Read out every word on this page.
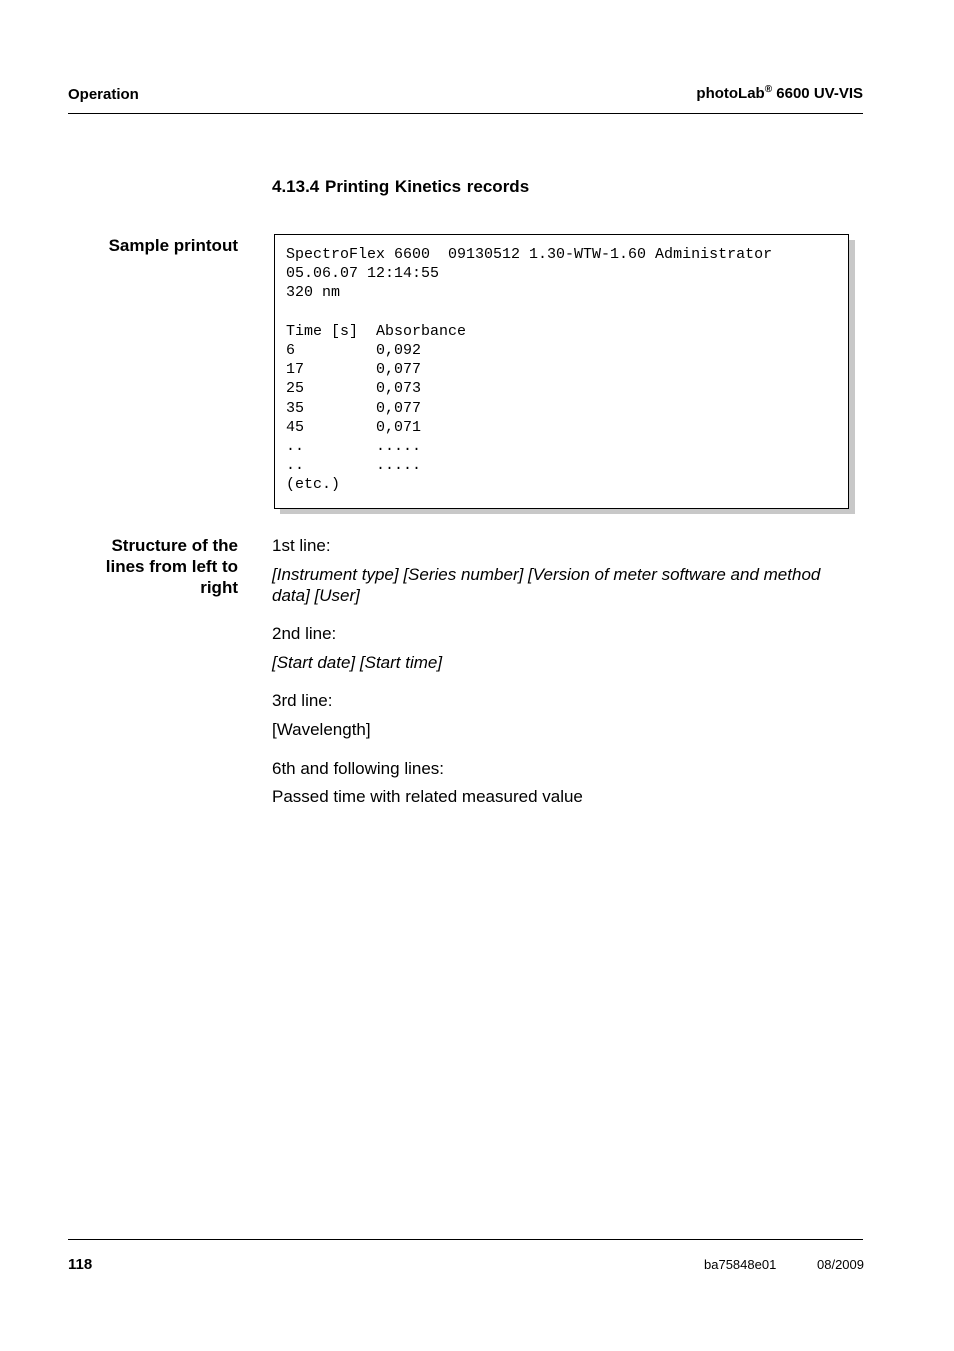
Operation	photoLab® 6600 UV-VIS
4.13.4 Printing Kinetics records
Sample printout	SpectroFlex 6600  09130512 1.30-WTW-1.60 Administrator
05.06.07 12:14:55
320 nm

Time [s]  Absorbance
6         0,092
17        0,077
25        0,073
35        0,077
45        0,071
..        .....
..        .....
(etc.)
Structure of the
lines from left to
right
1st line:
[Instrument type] [Series number] [Version of meter software and method data] [User]
2nd line:
[Start date] [Start time]
3rd line:
[Wavelength]
6th and following lines:
Passed time with related measured value
118	ba75848e01	08/2009
